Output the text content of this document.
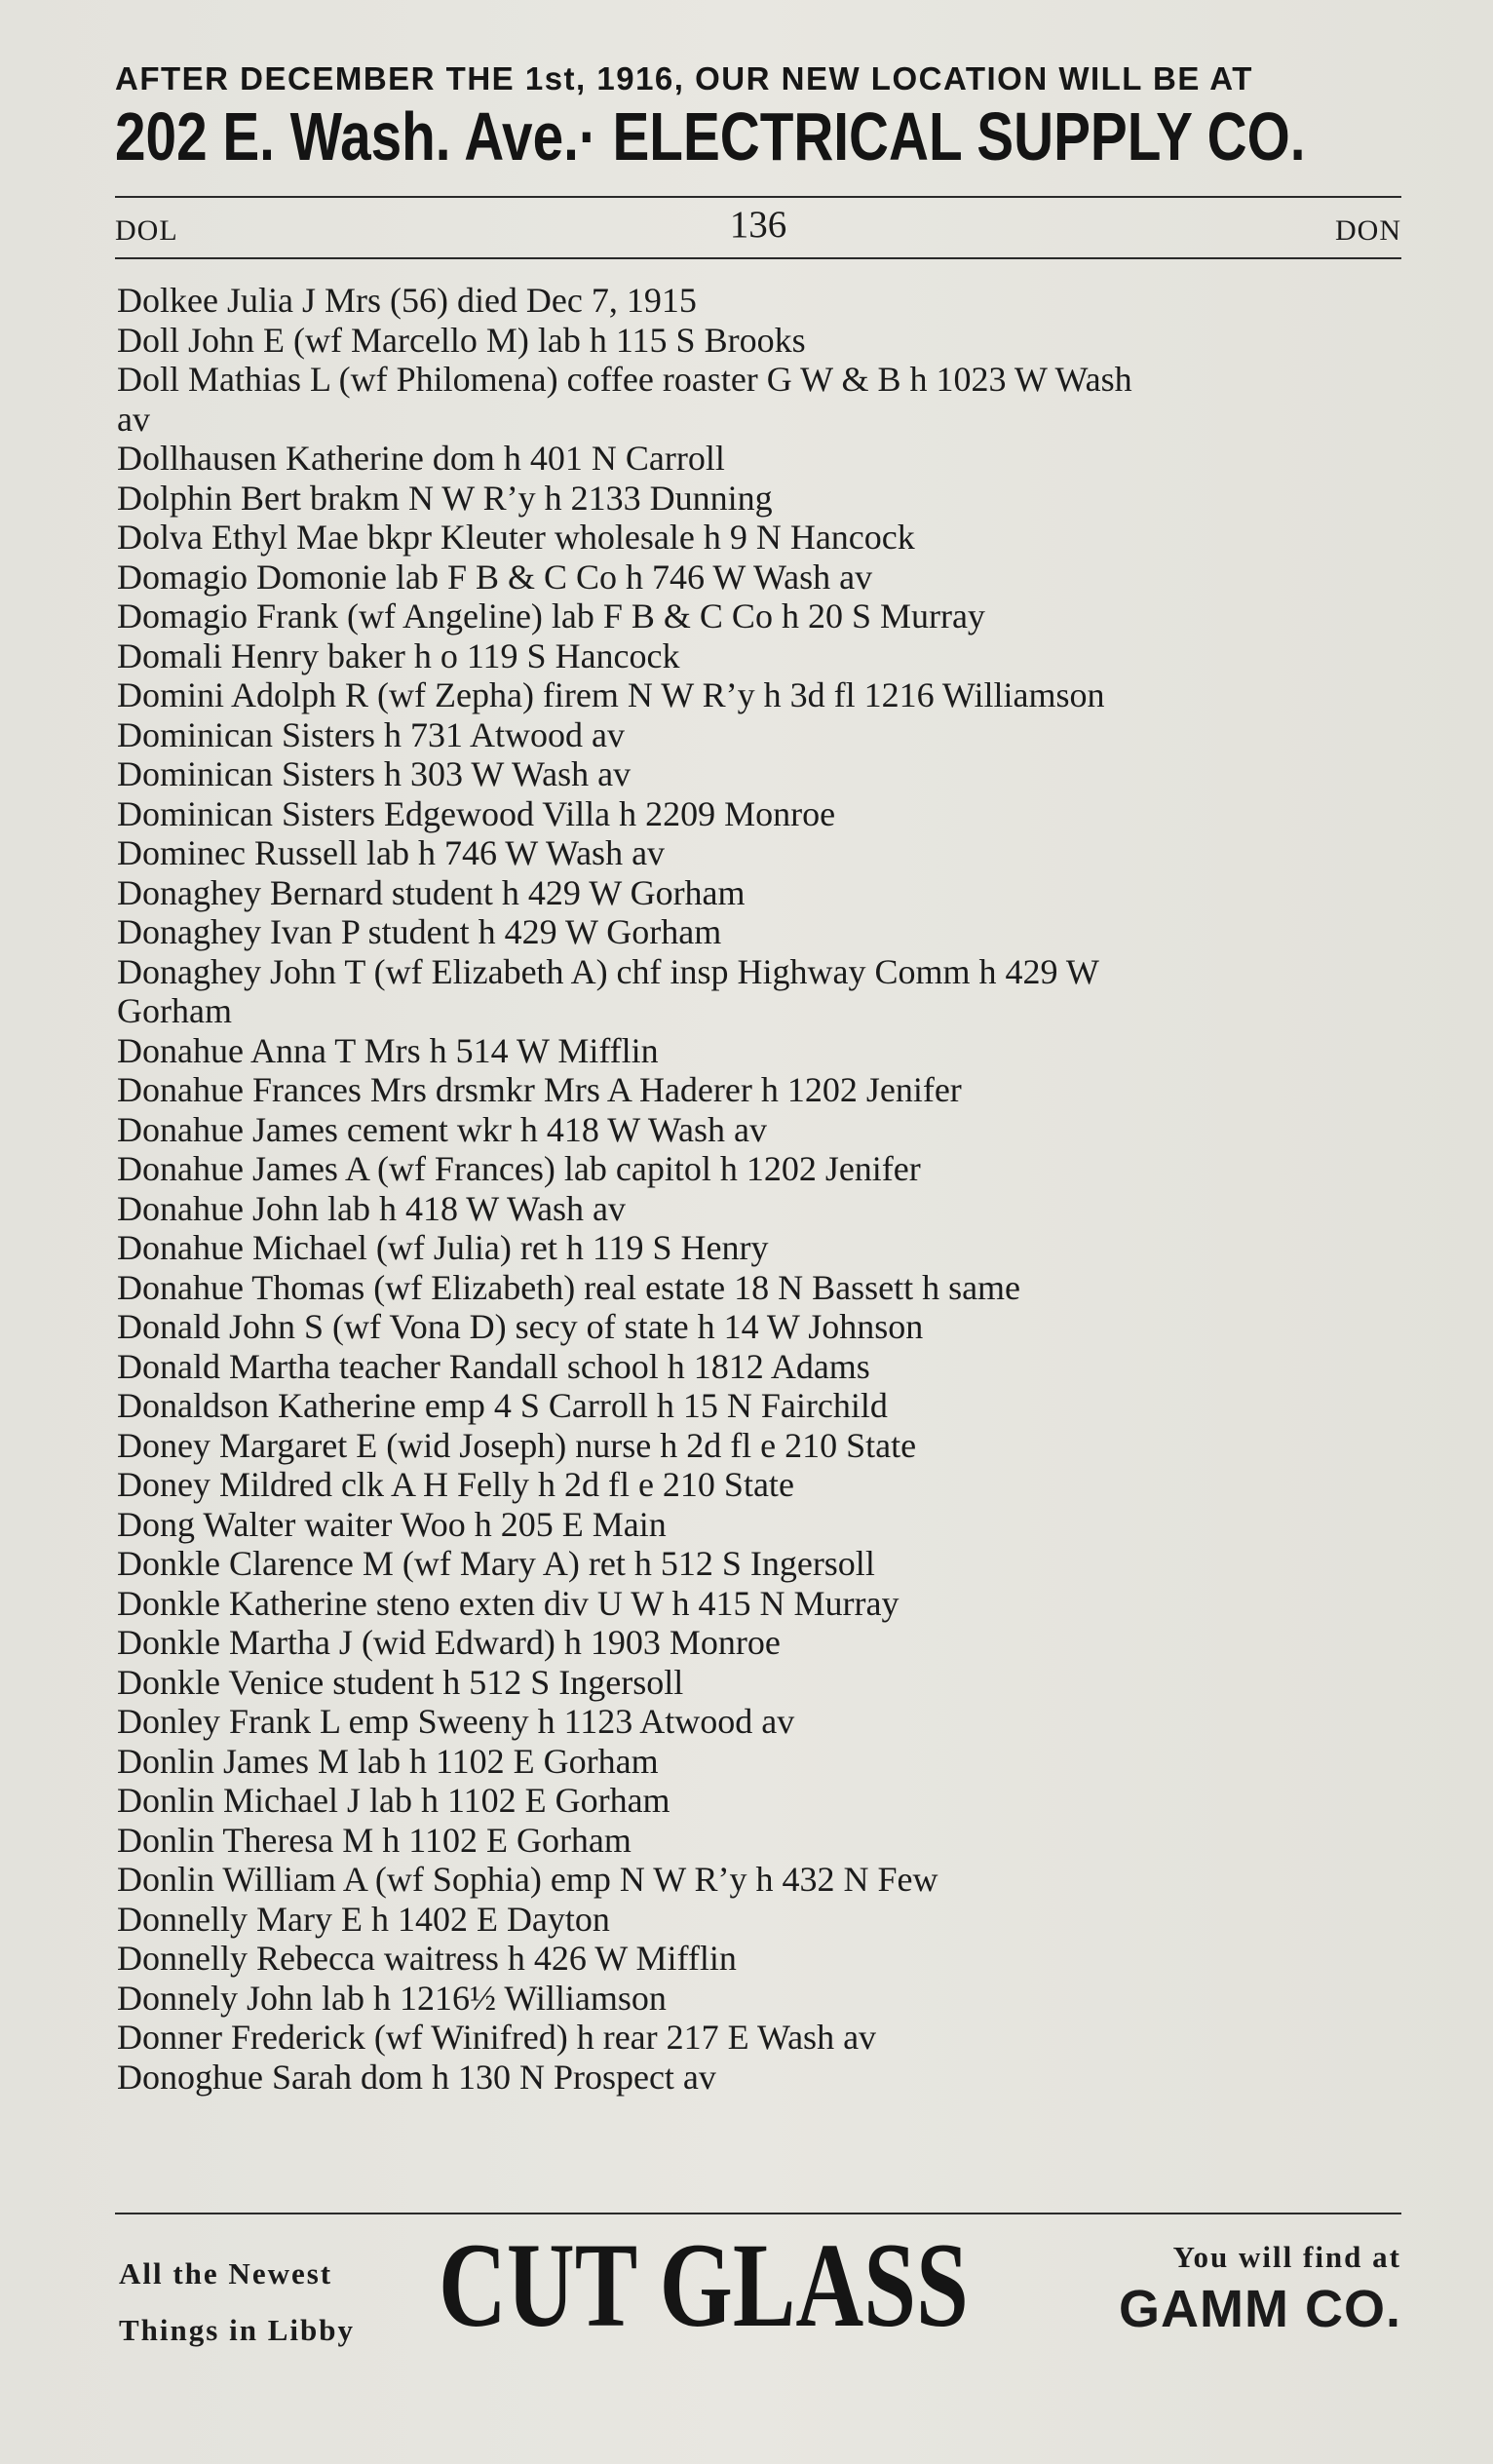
AFTER DECEMBER THE 1st, 1916, OUR NEW LOCATION WILL BE AT
202 E. Wash. Ave.· ELECTRICAL SUPPLY CO.
DOL	136	DON
Dolkee Julia J Mrs (56) died Dec 7, 1915
Doll John E (wf Marcello M) lab h 115 S Brooks
Doll Mathias L (wf Philomena) coffee roaster G W & B h 1023 W Wash
av
Dollhausen Katherine dom h 401 N Carroll
Dolphin Bert brakm N W R’y h 2133 Dunning
Dolva Ethyl Mae bkpr Kleuter wholesale h 9 N Hancock
Domagio Domonie lab F B & C Co h 746 W Wash av
Domagio Frank (wf Angeline) lab F B & C Co h 20 S Murray
Domali Henry baker h o 119 S Hancock
Domini Adolph R (wf Zepha) firem N W R’y h 3d fl 1216 Williamson
Dominican Sisters h 731 Atwood av
Dominican Sisters h 303 W Wash av
Dominican Sisters Edgewood Villa h 2209 Monroe
Dominec Russell lab h 746 W Wash av
Donaghey Bernard student h 429 W Gorham
Donaghey Ivan P student h 429 W Gorham
Donaghey John T (wf Elizabeth A) chf insp Highway Comm h 429 W
Gorham
Donahue Anna T Mrs h 514 W Mifflin
Donahue Frances Mrs drsmkr Mrs A Haderer h 1202 Jenifer
Donahue James cement wkr h 418 W Wash av
Donahue James A (wf Frances) lab capitol h 1202 Jenifer
Donahue John lab h 418 W Wash av
Donahue Michael (wf Julia) ret h 119 S Henry
Donahue Thomas (wf Elizabeth) real estate 18 N Bassett h same
Donald John S (wf Vona D) secy of state h 14 W Johnson
Donald Martha teacher Randall school h 1812 Adams
Donaldson Katherine emp 4 S Carroll h 15 N Fairchild
Doney Margaret E (wid Joseph) nurse h 2d fl e 210 State
Doney Mildred clk A H Felly h 2d fl e 210 State
Dong Walter waiter Woo h 205 E Main
Donkle Clarence M (wf Mary A) ret h 512 S Ingersoll
Donkle Katherine steno exten div U W h 415 N Murray
Donkle Martha J (wid Edward) h 1903 Monroe
Donkle Venice student h 512 S Ingersoll
Donley Frank L emp Sweeny h 1123 Atwood av
Donlin James M lab h 1102 E Gorham
Donlin Michael J lab h 1102 E Gorham
Donlin Theresa M h 1102 E Gorham
Donlin William A (wf Sophia) emp N W R’y h 432 N Few
Donnelly Mary E h 1402 E Dayton
Donnelly Rebecca waitress h 426 W Mifflin
Donnely John lab h 1216½ Williamson
Donner Frederick (wf Winifred) h rear 217 E Wash av
Donoghue Sarah dom h 130 N Prospect av
All the Newest
Things in Libby CUT GLASS	You will find at
GAMM CO.
